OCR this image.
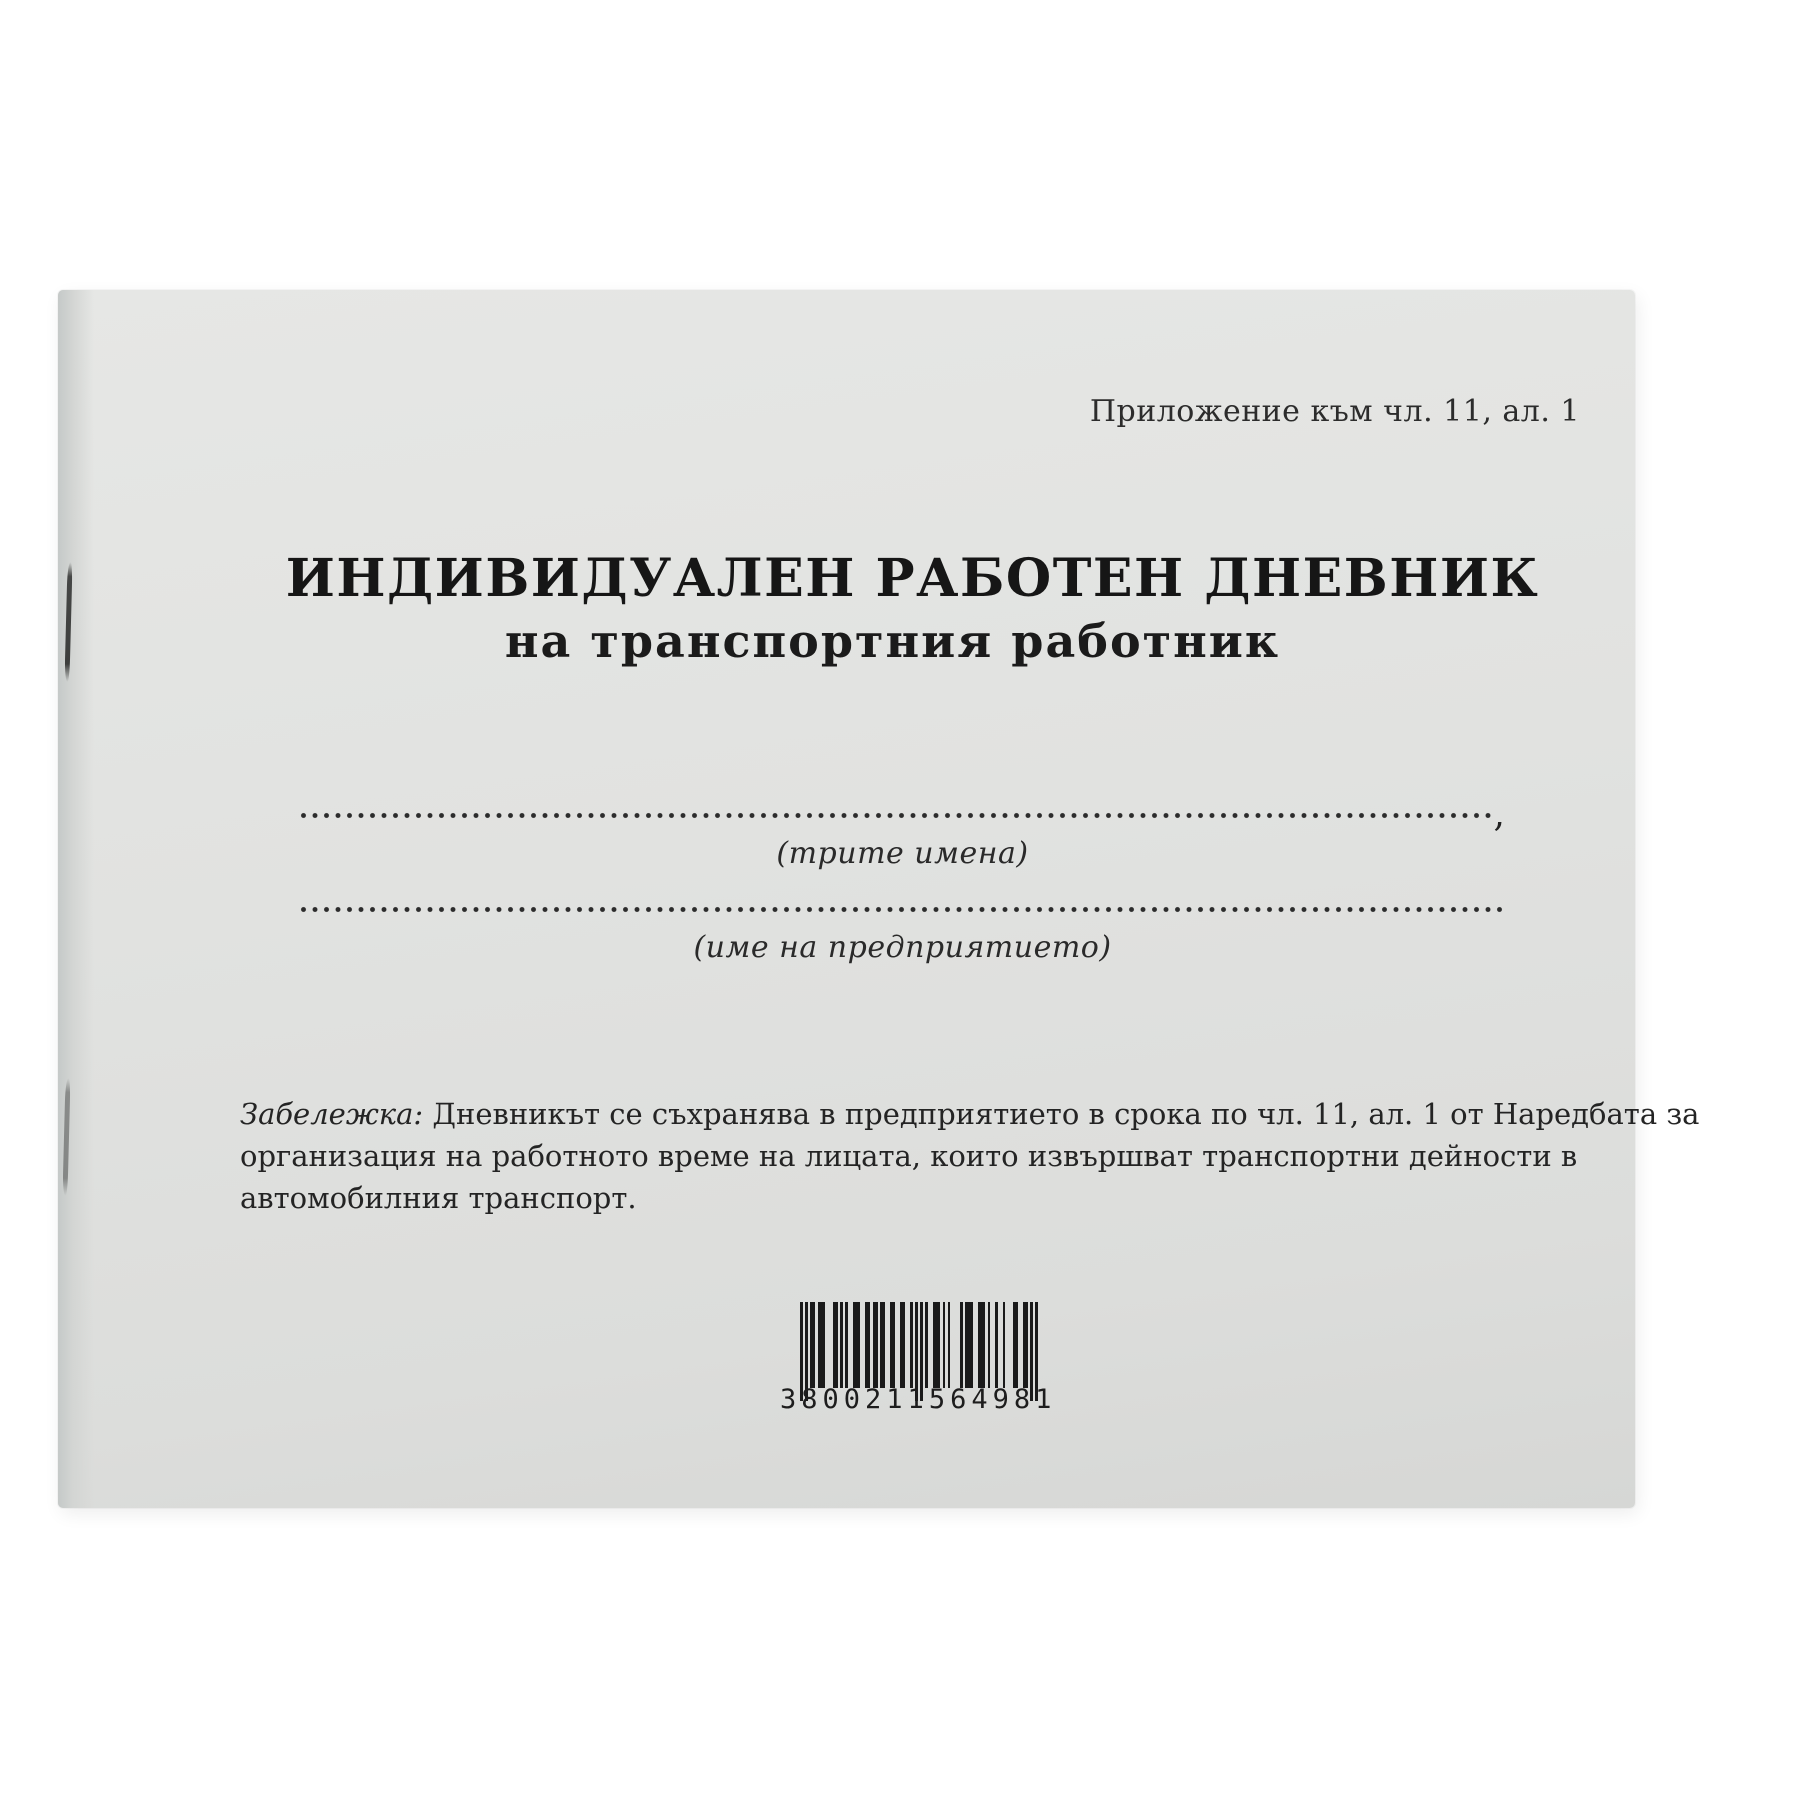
Приложение към чл. 11, ал. 1
ИНДИВИДУАЛЕН РАБОТЕН ДНЕВНИК
на транспортния работник
,
(трите имена)
(име на предприятието)
Забележка: Дневникът се съхранява в предприятието в срока по чл. 11, ал. 1 от Наредбата за
организация на работното време на лицата, които извършват транспортни дейности в
автомобилния транспорт.
3 800211 564981
